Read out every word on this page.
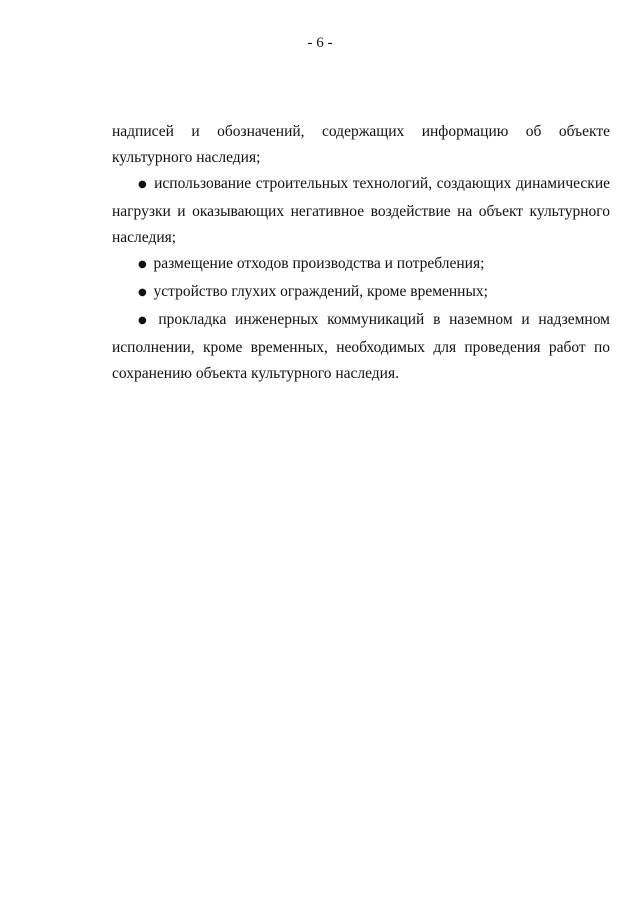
- 6 -

надписей и обозначений, содержащих информацию об объекте культурного наследия;

● использование строительных технологий, создающих динамические нагрузки и оказывающих негативное воздействие на объект культурного наследия;

● размещение отходов производства и потребления;

● устройство глухих ограждений, кроме временных;

● прокладка инженерных коммуникаций в наземном и надземном исполнении, кроме временных, необходимых для проведения работ по сохранению объекта культурного наследия.
